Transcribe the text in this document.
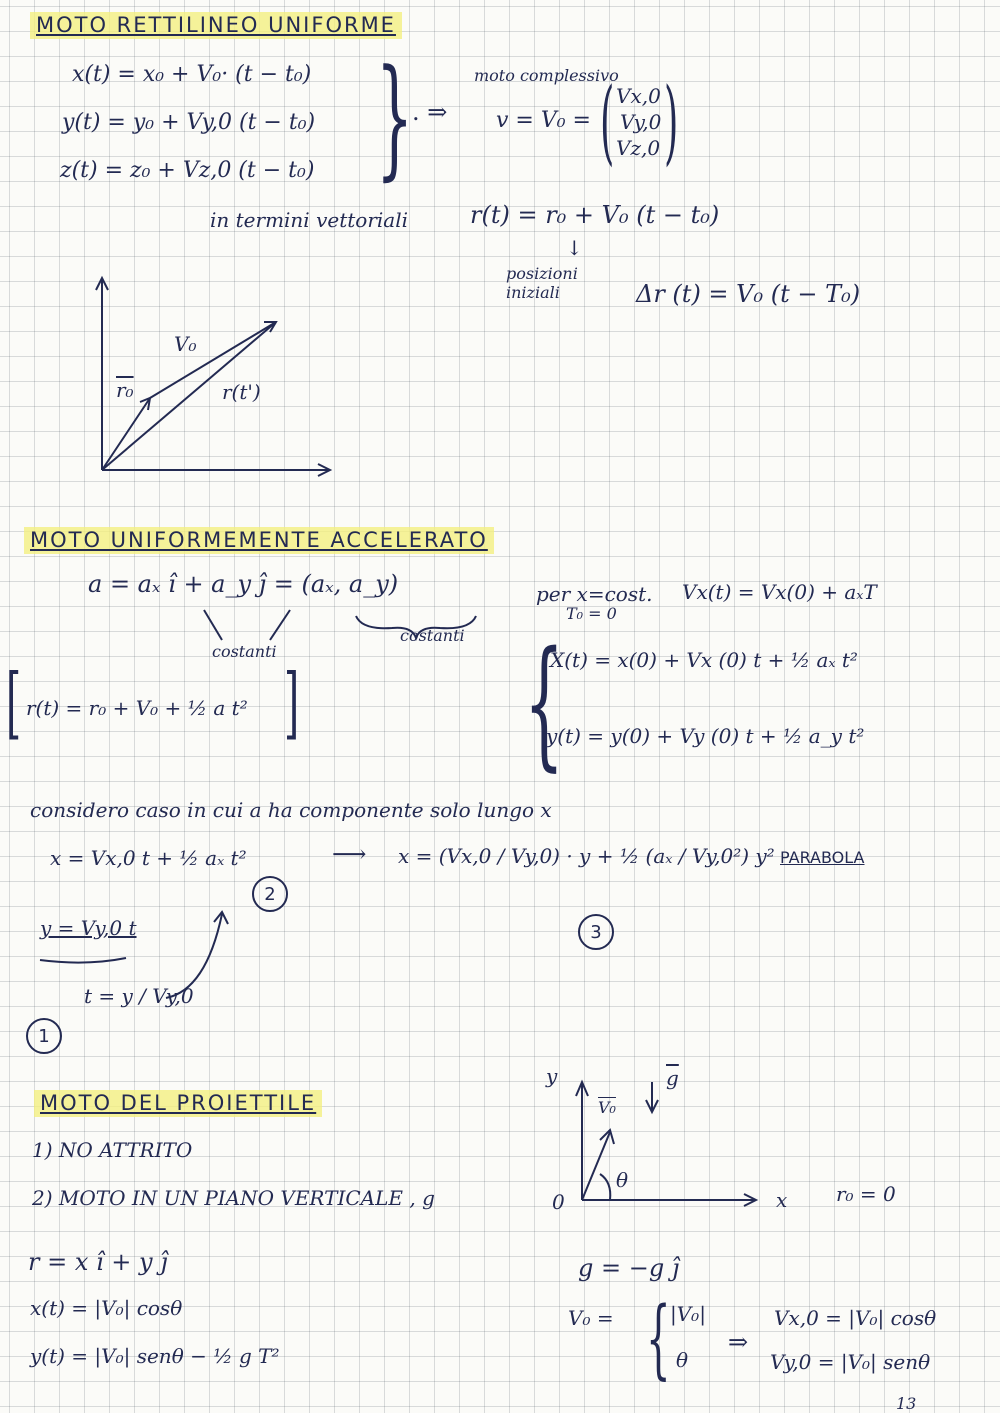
MOTO RETTILINEO UNIFORME
x(t) = x₀ + V₀· (t − t₀)
y(t) = y₀ + Vy,0 (t − t₀)
z(t) = z₀ + Vz,0 (t − t₀) }
. ⇒
moto complessivo
v = V₀ = ( Vx,0
Vy,0
Vz,0 )
in termini vettoriali	r(t) = r₀ + V₀ (t − t₀)
↓
posizioni iniziali	Δr (t) = V₀ (t − T₀)
V₀
r₀	r(t')
MOTO UNIFORMEMENTE ACCELERATO
a = aₓ î + a_y ĵ = (aₓ, a_y)
costanti
costanti
[ r(t) = r₀ + V₀ + ½ a t² ]
per x=cost.
T₀ = 0
Vx(t) = Vx(0) + aₓT
{
X(t) = x(0) + Vx (0) t + ½ aₓ t²
y(t) = y(0) + Vy (0) t + ½ a_y t²
considero caso in cui a ha componente solo lungo x
x = Vx,0 t + ½ aₓ t²
2
⟶ x = (Vx,0 / Vy,0) · y + ½ (aₓ / Vy,0²) y² PARABOLA
3
y = Vy,0 t
t = y / Vy,0
1
MOTO DEL PROIETTILE
1) NO ATTRITO
2) MOTO IN UN PIANO VERTICALE , g
r = x î + y ĵ
x(t) = |V₀| cosθ
y(t) = |V₀| senθ − ½ g T²
y
x
0
V₀
$\overline{g}$
θ
r₀ = 0
g = −g ĵ
V₀ = { |V₀|
θ
⇒
Vx,0 = |V₀| cosθ
Vy,0 = |V₀| senθ
13
